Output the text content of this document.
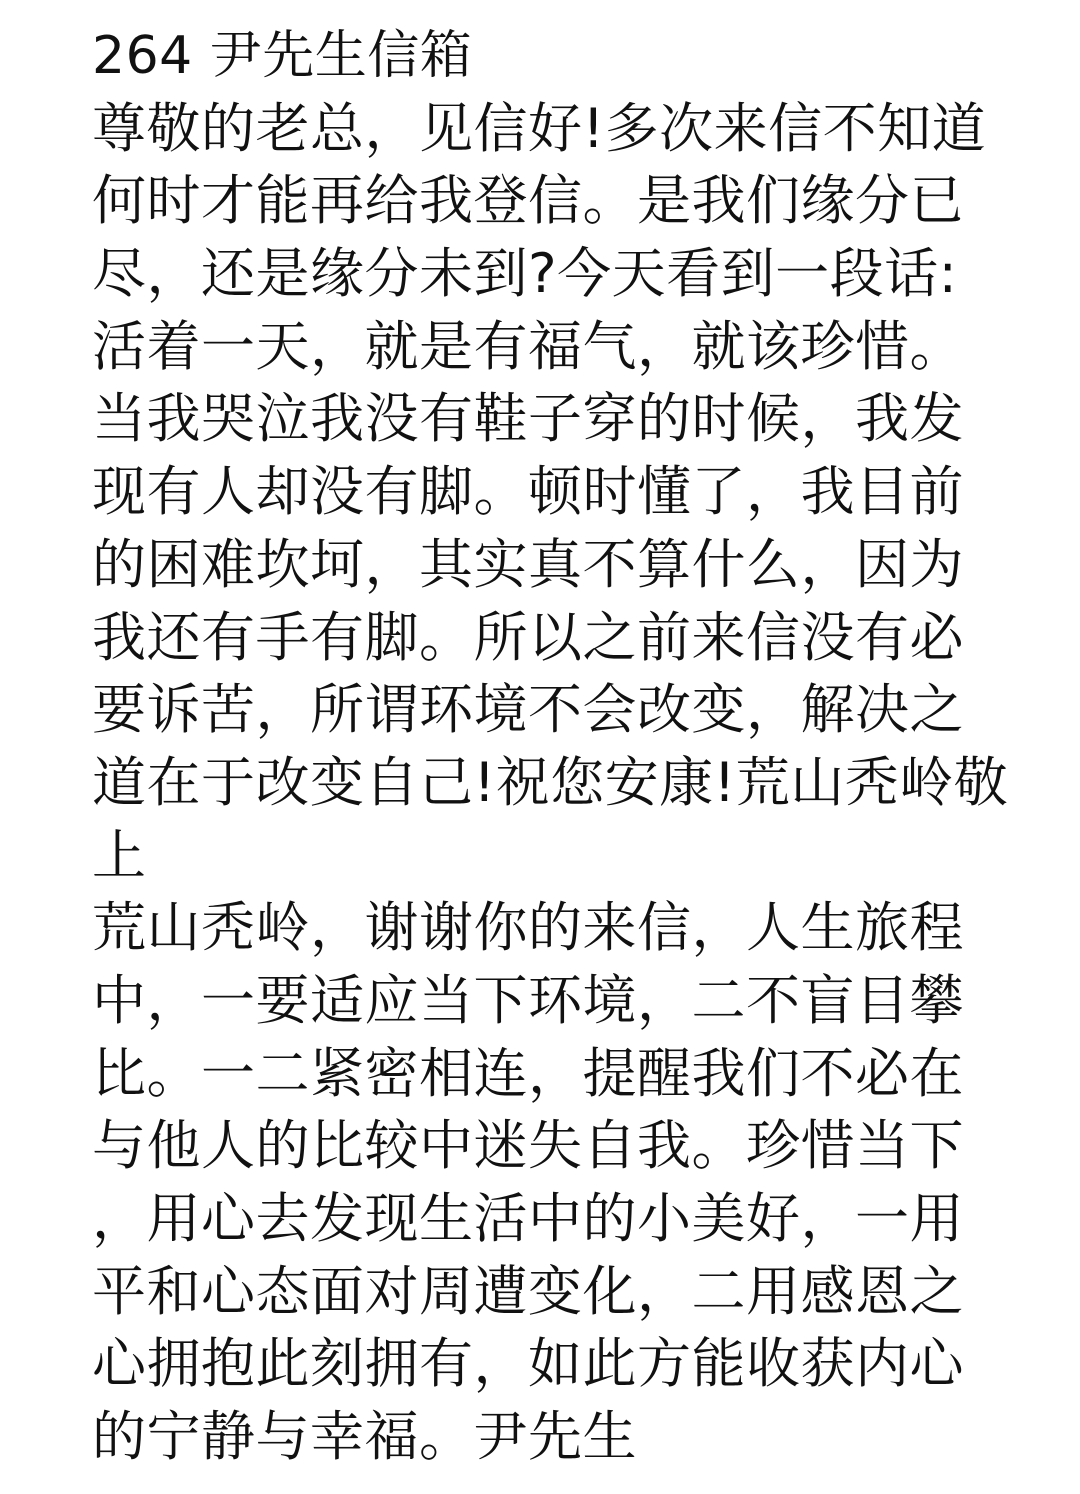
264 尹先生信箱
尊敬的老总，见信好!多次来信不知道
何时才能再给我登信。是我们缘分已
尽，还是缘分未到?今天看到一段话:
活着一天，就是有福气，就该珍惜。
当我哭泣我没有鞋子穿的时候，我发
现有人却没有脚。顿时懂了，我目前
的困难坎坷，其实真不算什么，因为
我还有手有脚。所以之前来信没有必
要诉苦，所谓环境不会改变，解决之
道在于改变自己!祝您安康!荒山秃岭敬
上
荒山秃岭，谢谢你的来信，人生旅程
中，一要适应当下环境，二不盲目攀
比。一二紧密相连，提醒我们不必在
与他人的比较中迷失自我。珍惜当下
，用心去发现生活中的小美好，一用
平和心态面对周遭变化，二用感恩之
心拥抱此刻拥有，如此方能收获内心
的宁静与幸福。尹先生
